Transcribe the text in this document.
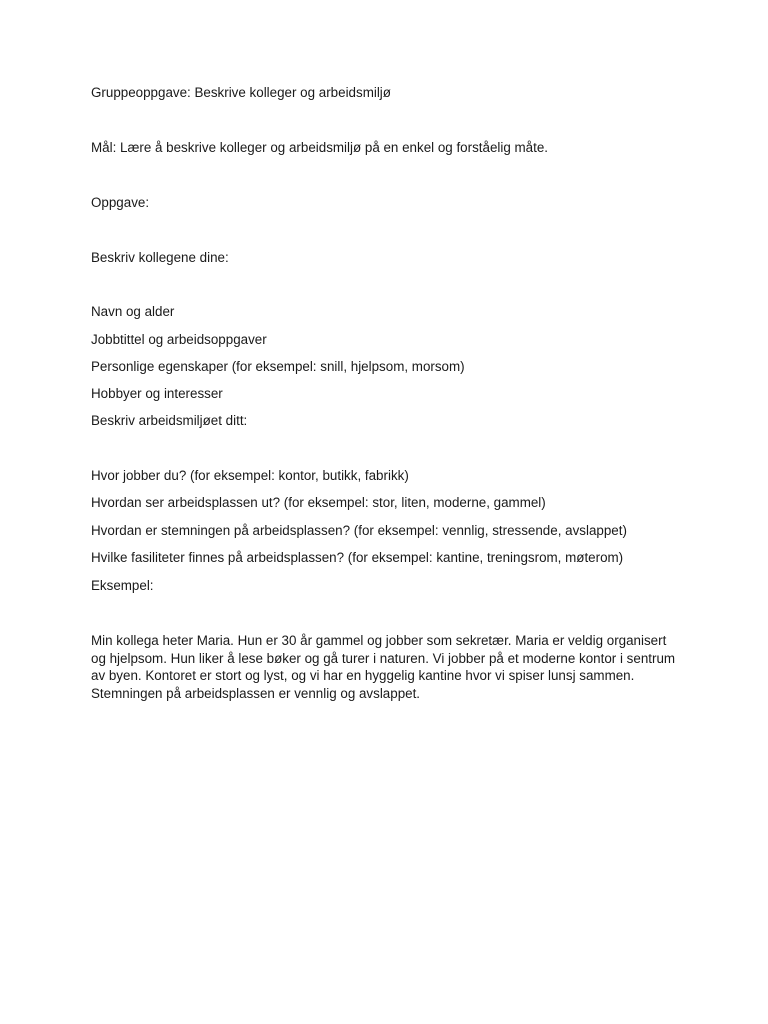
Gruppeoppgave: Beskrive kolleger og arbeidsmiljø

Mål: Lære å beskrive kolleger og arbeidsmiljø på en enkel og forståelig måte.

Oppgave:

Beskriv kollegene dine:

Navn og alder

Jobbtittel og arbeidsoppgaver

Personlige egenskaper (for eksempel: snill, hjelpsom, morsom)

Hobbyer og interesser

Beskriv arbeidsmiljøet ditt:

Hvor jobber du? (for eksempel: kontor, butikk, fabrikk)

Hvordan ser arbeidsplassen ut? (for eksempel: stor, liten, moderne, gammel)

Hvordan er stemningen på arbeidsplassen? (for eksempel: vennlig, stressende, avslappet)

Hvilke fasiliteter finnes på arbeidsplassen? (for eksempel: kantine, treningsrom, møterom)

Eksempel:

Min kollega heter Maria. Hun er 30 år gammel og jobber som sekretær. Maria er veldig organisert og hjelpsom. Hun liker å lese bøker og gå turer i naturen. Vi jobber på et moderne kontor i sentrum av byen. Kontoret er stort og lyst, og vi har en hyggelig kantine hvor vi spiser lunsj sammen. Stemningen på arbeidsplassen er vennlig og avslappet.
